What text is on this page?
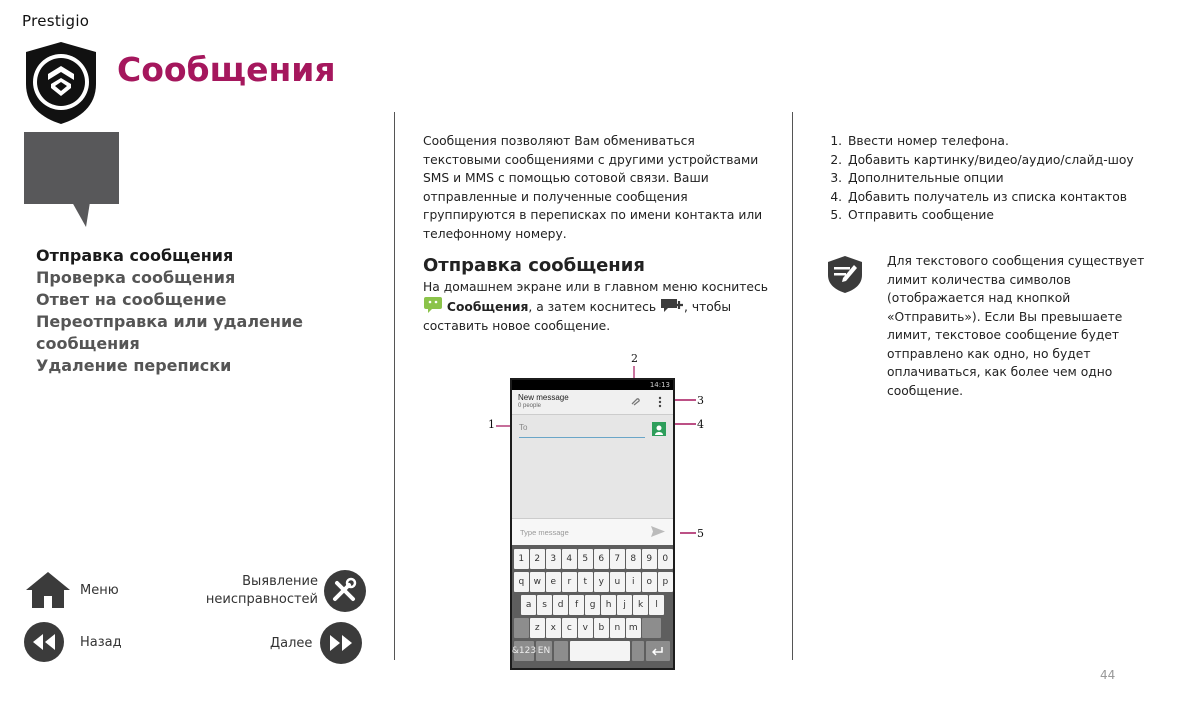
Prestigio
Сообщения
Отправка сообщения
Проверка сообщения
Ответ на сообщение
Переотправка или удаление сообщения
Удаление переписки
Меню
Выявление
неисправностей
Назад	Далее
Сообщения позволяют Вам обмениваться текстовыми сообщениями с другими устройствами SMS и MMS с помощью сотовой связи. Ваши отправленные и полученные сообщения группируются в переписках по имени контакта или телефонному номеру.
Отправка сообщения
На домашнем экране или в главном меню коснитесь  Сообщения, а затем коснитесь , чтобы составить новое сообщение.
2
1
3
4
5
14:13
New message
0 people
To
Type message
1	2	3	4	5	6	7	8	9	0
q	w	e	r	t	y	u	i	o	p
a	s	d	f	g	h	j	k	l
z	x	c	v	b	n m
&123 EN
1. Ввести номер телефона.
2. Добавить картинку/видео/аудио/слайд-шоу
3. Дополнительные опции
4. Добавить получатель из списка контактов
5. Отправить сообщение
Для текстового сообщения существует лимит количества символов (отображается над кнопкой «Отправить»). Если Вы превышаете лимит, текстовое сообщение будет отправлено как одно, но будет оплачиваться, как более чем одно сообщение.
44
